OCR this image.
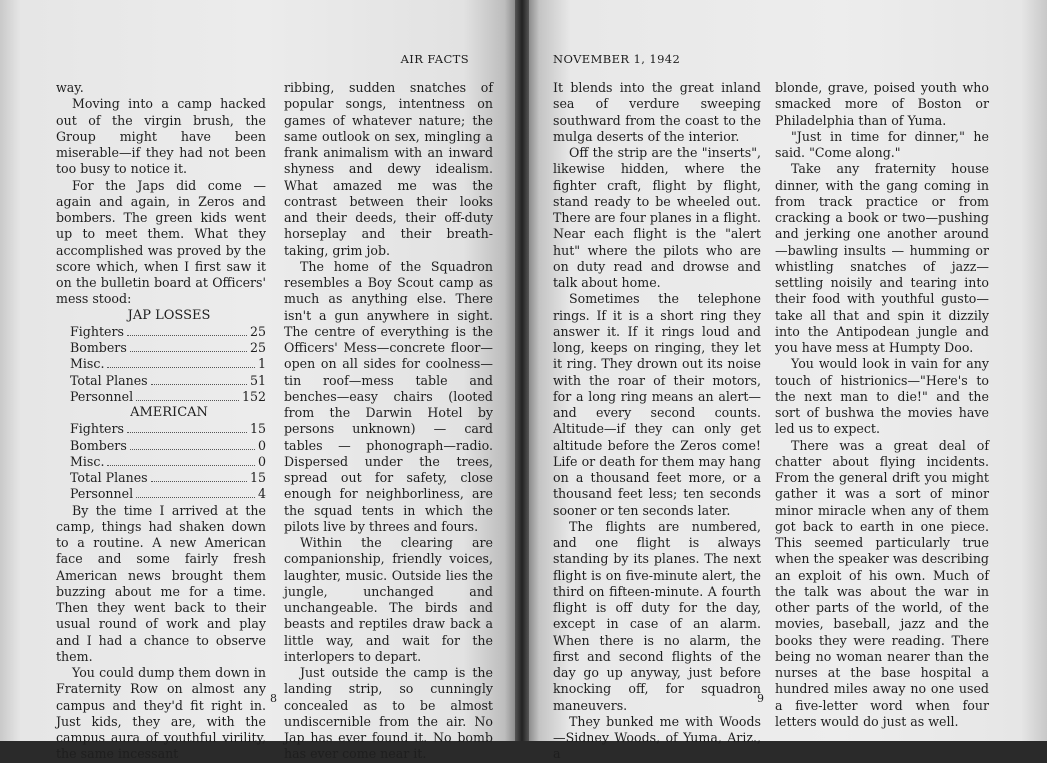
AIR FACTS

way.

Moving into a camp hacked out of the virgin brush, the Group might have been miserable—if they had not been too busy to notice it.

For the Japs did come — again and again, in Zeros and bombers. The green kids went up to meet them. What they accomplished was proved by the score which, when I first saw it on the bulletin board at Officers' mess stood:

JAP LOSSES

Fighters	25
Bombers	25
Misc.	1
Total Planes	51
Personnel	152

AMERICAN

Fighters	15
Bombers	0
Misc.	0
Total Planes	15
Personnel	4

By the time I arrived at the camp, things had shaken down to a routine. A new American face and some fairly fresh American news brought them buzzing about me for a time. Then they went back to their usual round of work and play and I had a chance to observe them.

You could dump them down in Fraternity Row on almost any campus and they'd fit right in. Just kids, they are, with the campus aura of youthful virility, the same incessant

ribbing, sudden snatches of popular songs, intentness on games of whatever nature; the same outlook on sex, mingling a frank animalism with an inward shyness and dewy idealism. What amazed me was the contrast between their looks and their deeds, their off-duty horseplay and their breath-taking, grim job.

The home of the Squadron resembles a Boy Scout camp as much as anything else. There isn't a gun anywhere in sight. The centre of everything is the Officers' Mess—concrete floor—open on all sides for coolness—tin roof—mess table and benches—easy chairs (looted from the Darwin Hotel by persons unknown) — card tables — phonograph—radio. Dispersed under the trees, spread out for safety, close enough for neighborliness, are the squad tents in which the pilots live by threes and fours.

Within the clearing are companionship, friendly voices, laughter, music. Outside lies the jungle, unchanged and unchangeable. The birds and beasts and reptiles draw back a little way, and wait for the interlopers to depart.

Just outside the camp is the landing strip, so cunningly concealed as to be almost undiscernible from the air. No Jap has ever found it. No bomb has ever come near it.

8

NOVEMBER 1, 1942

It blends into the great inland sea of verdure sweeping southward from the coast to the mulga deserts of the interior.

Off the strip are the "inserts", likewise hidden, where the fighter craft, flight by flight, stand ready to be wheeled out. There are four planes in a flight. Near each flight is the "alert hut" where the pilots who are on duty read and drowse and talk about home.

Sometimes the telephone rings. If it is a short ring they answer it. If it rings loud and long, keeps on ringing, they let it ring. They drown out its noise with the roar of their motors, for a long ring means an alert—and every second counts. Altitude—if they can only get altitude before the Zeros come! Life or death for them may hang on a thousand feet more, or a thousand feet less; ten seconds sooner or ten seconds later.

The flights are numbered, and one flight is always standing by its planes. The next flight is on five-minute alert, the third on fifteen-minute. A fourth flight is off duty for the day, except in case of an alarm. When there is no alarm, the first and second flights of the day go up anyway, just before knocking off, for squadron maneuvers.

They bunked me with Woods—Sidney Woods, of Yuma, Ariz., a

blonde, grave, poised youth who smacked more of Boston or Philadelphia than of Yuma.

"Just in time for dinner," he said. "Come along."

Take any fraternity house dinner, with the gang coming in from track practice or from cracking a book or two—pushing and jerking one another around—bawling insults — humming or whistling snatches of jazz—settling noisily and tearing into their food with youthful gusto—take all that and spin it dizzily into the Antipodean jungle and you have mess at Humpty Doo.

You would look in vain for any touch of histrionics—"Here's to the next man to die!" and the sort of bushwa the movies have led us to expect.

There was a great deal of chatter about flying incidents. From the general drift you might gather it was a sort of minor minor miracle when any of them got back to earth in one piece. This seemed particularly true when the speaker was describing an exploit of his own. Much of the talk was about the war in other parts of the world, of the movies, baseball, jazz and the books they were reading. There being no woman nearer than the nurses at the base hospital a hundred miles away no one used a five-letter word when four letters would do just as well.

9
